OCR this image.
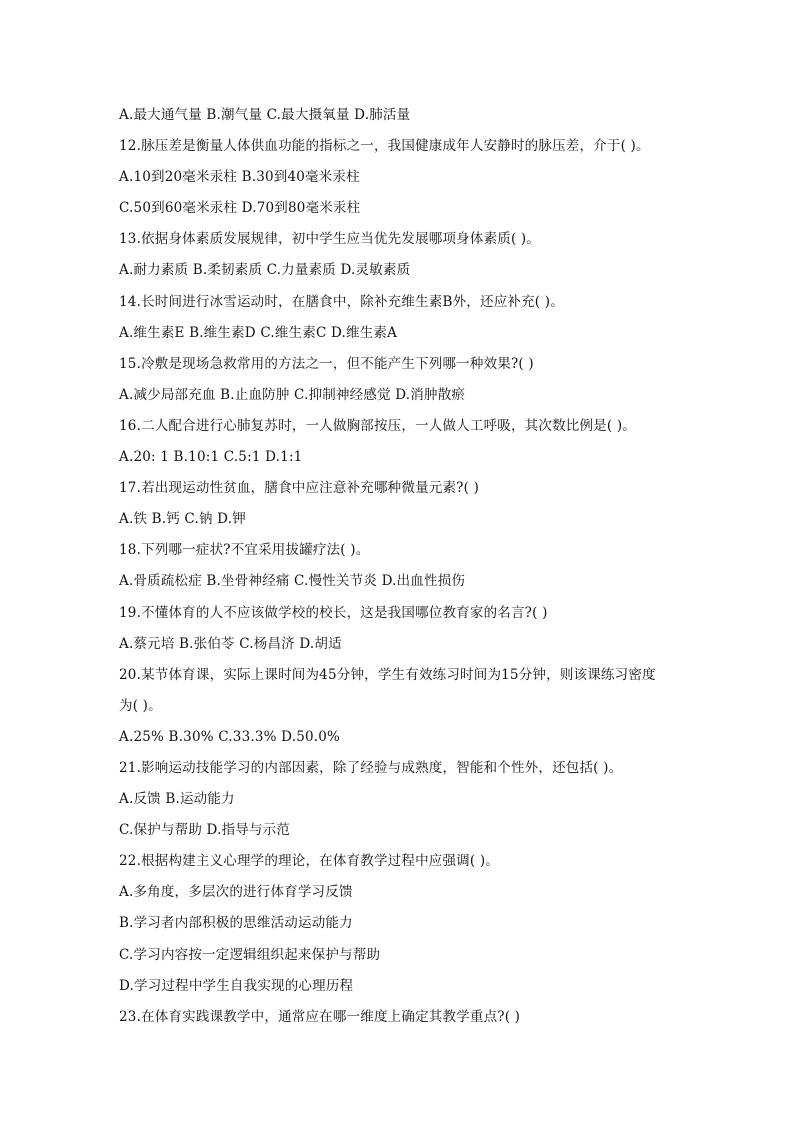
A.最大通气量 B.潮气量 C.最大摄氧量 D.肺活量
12.脉压差是衡量人体供血功能的指标之一，我国健康成年人安静时的脉压差，介于( )。
A.10到20毫米汞柱 B.30到40毫米汞柱
C.50到60毫米汞柱 D.70到80毫米汞柱
13.依据身体素质发展规律，初中学生应当优先发展哪项身体素质( )。
A.耐力素质 B.柔韧素质 C.力量素质 D.灵敏素质
14.长时间进行冰雪运动时，在膳食中，除补充维生素B外，还应补充( )。
A.维生素E B.维生素D C.维生素C D.维生素A
15.冷敷是现场急救常用的方法之一，但不能产生下列哪一种效果?( )
A.减少局部充血 B.止血防肿 C.抑制神经感觉 D.消肿散瘀
16.二人配合进行心肺复苏时，一人做胸部按压，一人做人工呼吸，其次数比例是( )。
A.20: 1 B.10:1 C.5:1 D.1:1
17.若出现运动性贫血，膳食中应注意补充哪种微量元素?( )
A.铁 B.钙 C.钠 D.钾
18.下列哪一症状?不宜采用拔罐疗法( )。
A.骨质疏松症 B.坐骨神经痛 C.慢性关节炎 D.出血性损伤
19.不懂体育的人不应该做学校的校长，这是我国哪位教育家的名言?( )
A.蔡元培 B.张伯苓 C.杨昌济 D.胡适
20.某节体育课，实际上课时间为45分钟，学生有效练习时间为15分钟，则该课练习密度
为( )。
A.25% B.30% C.33.3% D.50.0%
21.影响运动技能学习的内部因素，除了经验与成熟度，智能和个性外，还包括( )。
A.反馈 B.运动能力
C.保护与帮助 D.指导与示范
22.根据构建主义心理学的理论，在体育教学过程中应强调( )。
A.多角度，多层次的进行体育学习反馈
B.学习者内部积极的思维活动运动能力
C.学习内容按一定逻辑组织起来保护与帮助
D.学习过程中学生自我实现的心理历程
23.在体育实践课教学中，通常应在哪一维度上确定其教学重点?( )
